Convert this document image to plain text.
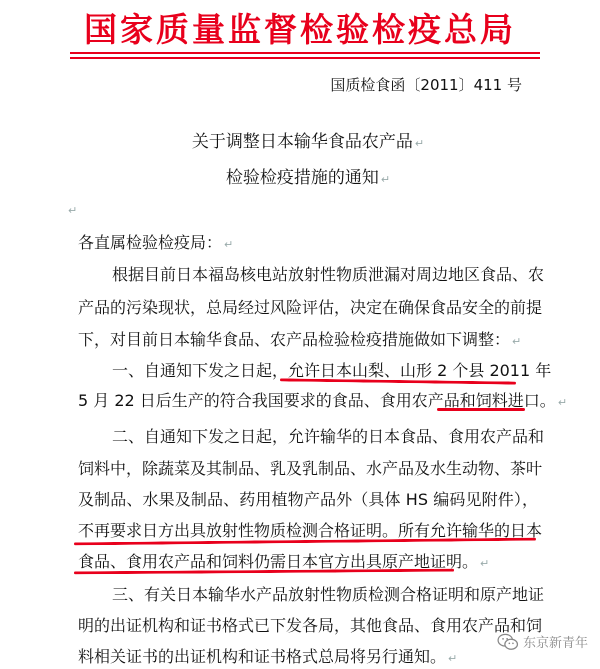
国家质量监督检验检疫总局
国质检食函〔2011〕411 号
关于调整日本输华食品农产品 ↵
检验检疫措施的通知 ↵
↵
各直属检验检疫局： ↵
根据目前日本福岛核电站放射性物质泄漏对周边地区食品、农
产品的污染现状，总局经过风险评估，决定在确保食品安全的前提
下，对目前日本输华食品、农产品检验检疫措施做如下调整： ↵
一、自通知下发之日起，允许日本山梨、山形 2 个县 2011 年
5 月 22 日后生产的符合我国要求的食品、食用农产品和饲料进口。 ↵
二、自通知下发之日起，允许输华的日本食品、食用农产品和
饲料中，除蔬菜及其制品、乳及乳制品、水产品及水生动物、茶叶
及制品、水果及制品、药用植物产品外（具体 HS 编码见附件），
不再要求日方出具放射性物质检测合格证明。所有允许输华的日本
食品、食用农产品和饲料仍需日本官方出具原产地证明。 ↵
三、有关日本输华水产品放射性物质检测合格证明和原产地证
明的出证机构和证书格式已下发各局，其他食品、食用农产品和饲
料相关证书的出证机构和证书格式总局将另行通知。 ↵
东京新青年
